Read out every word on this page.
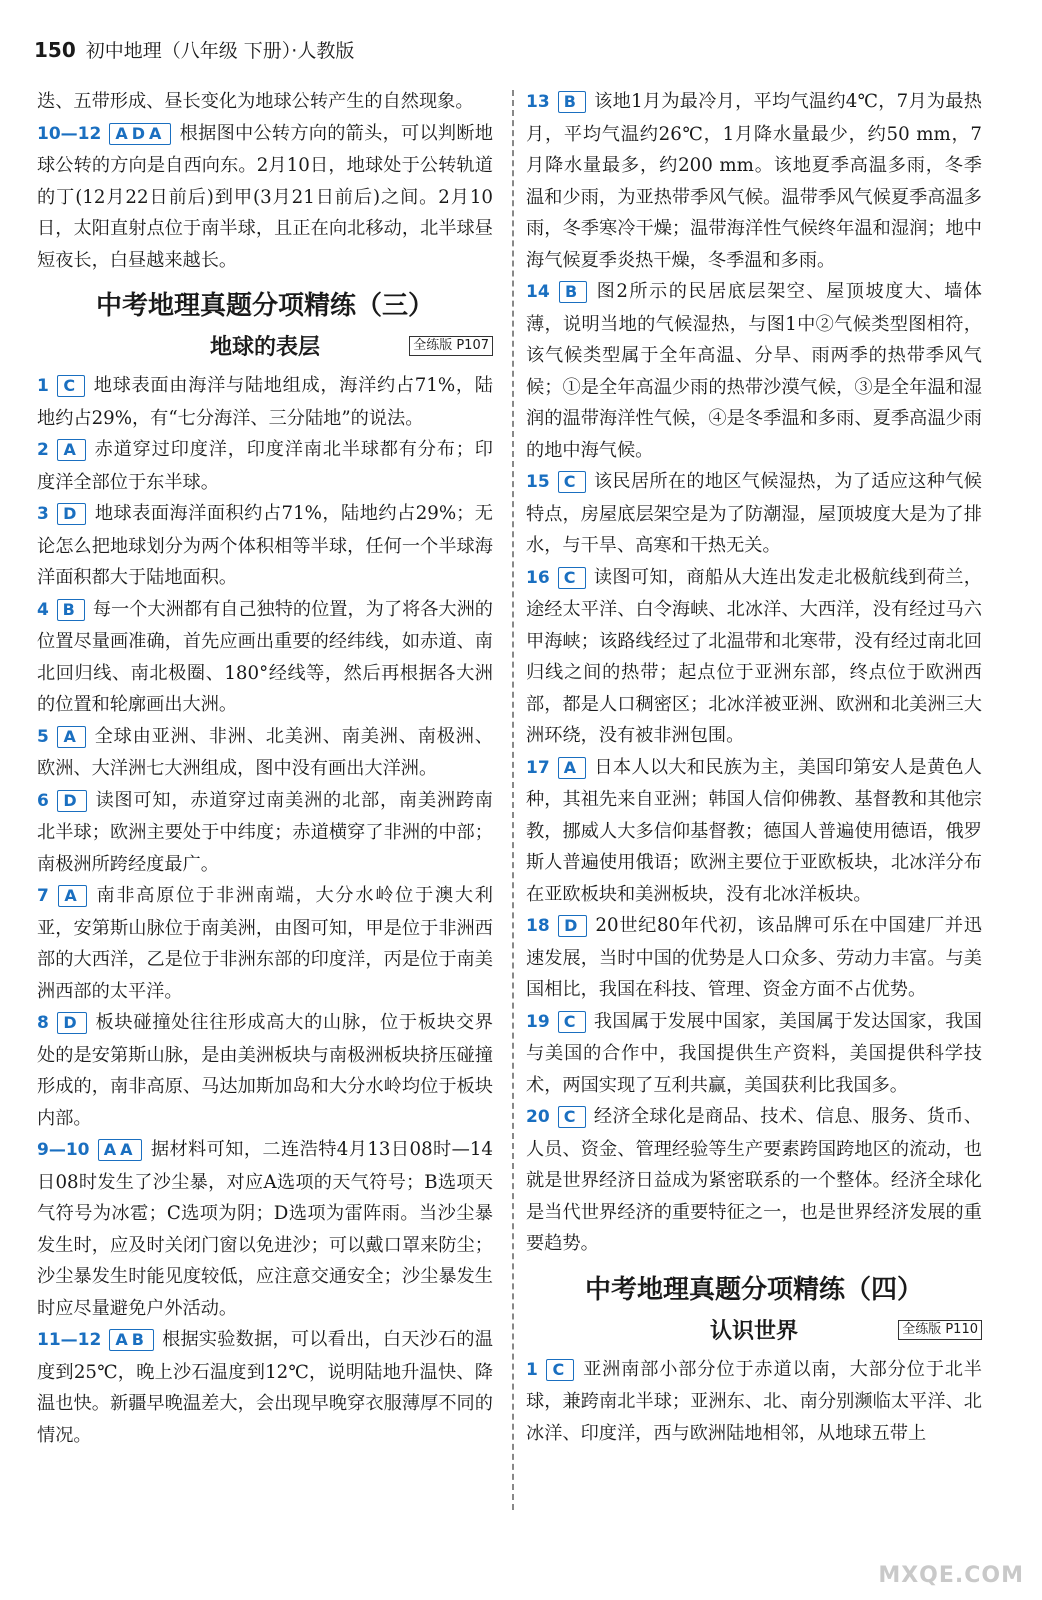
150 初中地理（八年级 下册）·人教版

迭、五带形成、昼长变化为地球公转产生的自然现象。

10—12 ADA 根据图中公转方向的箭头，可以判断地球公转的方向是自西向东。2月10日，地球处于公转轨道的丁(12月22日前后)到甲(3月21日前后)之间。2月10日，太阳直射点位于南半球，且正在向北移动，北半球昼短夜长，白昼越来越长。

中考地理真题分项精练（三）
地球的表层	全练版 P107

1 C 地球表面由海洋与陆地组成，海洋约占71%，陆地约占29%，有“七分海洋、三分陆地”的说法。

2 A 赤道穿过印度洋，印度洋南北半球都有分布；印度洋全部位于东半球。

3 D 地球表面海洋面积约占71%，陆地约占29%；无论怎么把地球划分为两个体积相等半球，任何一个半球海洋面积都大于陆地面积。

4 B 每一个大洲都有自己独特的位置，为了将各大洲的位置尽量画准确，首先应画出重要的经纬线，如赤道、南北回归线、南北极圈、180°经线等，然后再根据各大洲的位置和轮廓画出大洲。

5 A 全球由亚洲、非洲、北美洲、南美洲、南极洲、欧洲、大洋洲七大洲组成，图中没有画出大洋洲。

6 D 读图可知，赤道穿过南美洲的北部，南美洲跨南北半球；欧洲主要处于中纬度；赤道横穿了非洲的中部；南极洲所跨经度最广。

7 A 南非高原位于非洲南端，大分水岭位于澳大利亚，安第斯山脉位于南美洲，由图可知，甲是位于非洲西部的大西洋，乙是位于非洲东部的印度洋，丙是位于南美洲西部的太平洋。

8 D 板块碰撞处往往形成高大的山脉，位于板块交界处的是安第斯山脉，是由美洲板块与南极洲板块挤压碰撞形成的，南非高原、马达加斯加岛和大分水岭均位于板块内部。

9—10 AA 据材料可知，二连浩特4月13日08时—14日08时发生了沙尘暴，对应A选项的天气符号；B选项天气符号为冰雹；C选项为阴；D选项为雷阵雨。当沙尘暴发生时，应及时关闭门窗以免进沙；可以戴口罩来防尘；沙尘暴发生时能见度较低，应注意交通安全；沙尘暴发生时应尽量避免户外活动。

11—12 AB 根据实验数据，可以看出，白天沙石的温度到25℃，晚上沙石温度到12℃，说明陆地升温快、降温也快。新疆早晚温差大，会出现早晚穿衣服薄厚不同的情况。

13 B 该地1月为最冷月，平均气温约4℃，7月为最热月，平均气温约26℃，1月降水量最少，约50 mm，7月降水量最多，约200 mm。该地夏季高温多雨，冬季温和少雨，为亚热带季风气候。温带季风气候夏季高温多雨，冬季寒冷干燥；温带海洋性气候终年温和湿润；地中海气候夏季炎热干燥，冬季温和多雨。

14 B 图2所示的民居底层架空、屋顶坡度大、墙体薄，说明当地的气候湿热，与图1中②气候类型图相符，该气候类型属于全年高温、分旱、雨两季的热带季风气候；①是全年高温少雨的热带沙漠气候，③是全年温和湿润的温带海洋性气候，④是冬季温和多雨、夏季高温少雨的地中海气候。

15 C 该民居所在的地区气候湿热，为了适应这种气候特点，房屋底层架空是为了防潮湿，屋顶坡度大是为了排水，与干旱、高寒和干热无关。

16 C 读图可知，商船从大连出发走北极航线到荷兰，途经太平洋、白令海峡、北冰洋、大西洋，没有经过马六甲海峡；该路线经过了北温带和北寒带，没有经过南北回归线之间的热带；起点位于亚洲东部，终点位于欧洲西部，都是人口稠密区；北冰洋被亚洲、欧洲和北美洲三大洲环绕，没有被非洲包围。

17 A 日本人以大和民族为主，美国印第安人是黄色人种，其祖先来自亚洲；韩国人信仰佛教、基督教和其他宗教，挪威人大多信仰基督教；德国人普遍使用德语，俄罗斯人普遍使用俄语；欧洲主要位于亚欧板块，北冰洋分布在亚欧板块和美洲板块，没有北冰洋板块。

18 D 20世纪80年代初，该品牌可乐在中国建厂并迅速发展，当时中国的优势是人口众多、劳动力丰富。与美国相比，我国在科技、管理、资金方面不占优势。

19 C 我国属于发展中国家，美国属于发达国家，我国与美国的合作中，我国提供生产资料，美国提供科学技术，两国实现了互利共赢，美国获利比我国多。

20 C 经济全球化是商品、技术、信息、服务、货币、人员、资金、管理经验等生产要素跨国跨地区的流动，也就是世界经济日益成为紧密联系的一个整体。经济全球化是当代世界经济的重要特征之一，也是世界经济发展的重要趋势。

中考地理真题分项精练（四）
认识世界	全练版 P110

1 C 亚洲南部小部分位于赤道以南，大部分位于北半球，兼跨南北半球；亚洲东、北、南分别濒临太平洋、北冰洋、印度洋，西与欧洲陆地相邻，从地球五带上

MXQE.COM
